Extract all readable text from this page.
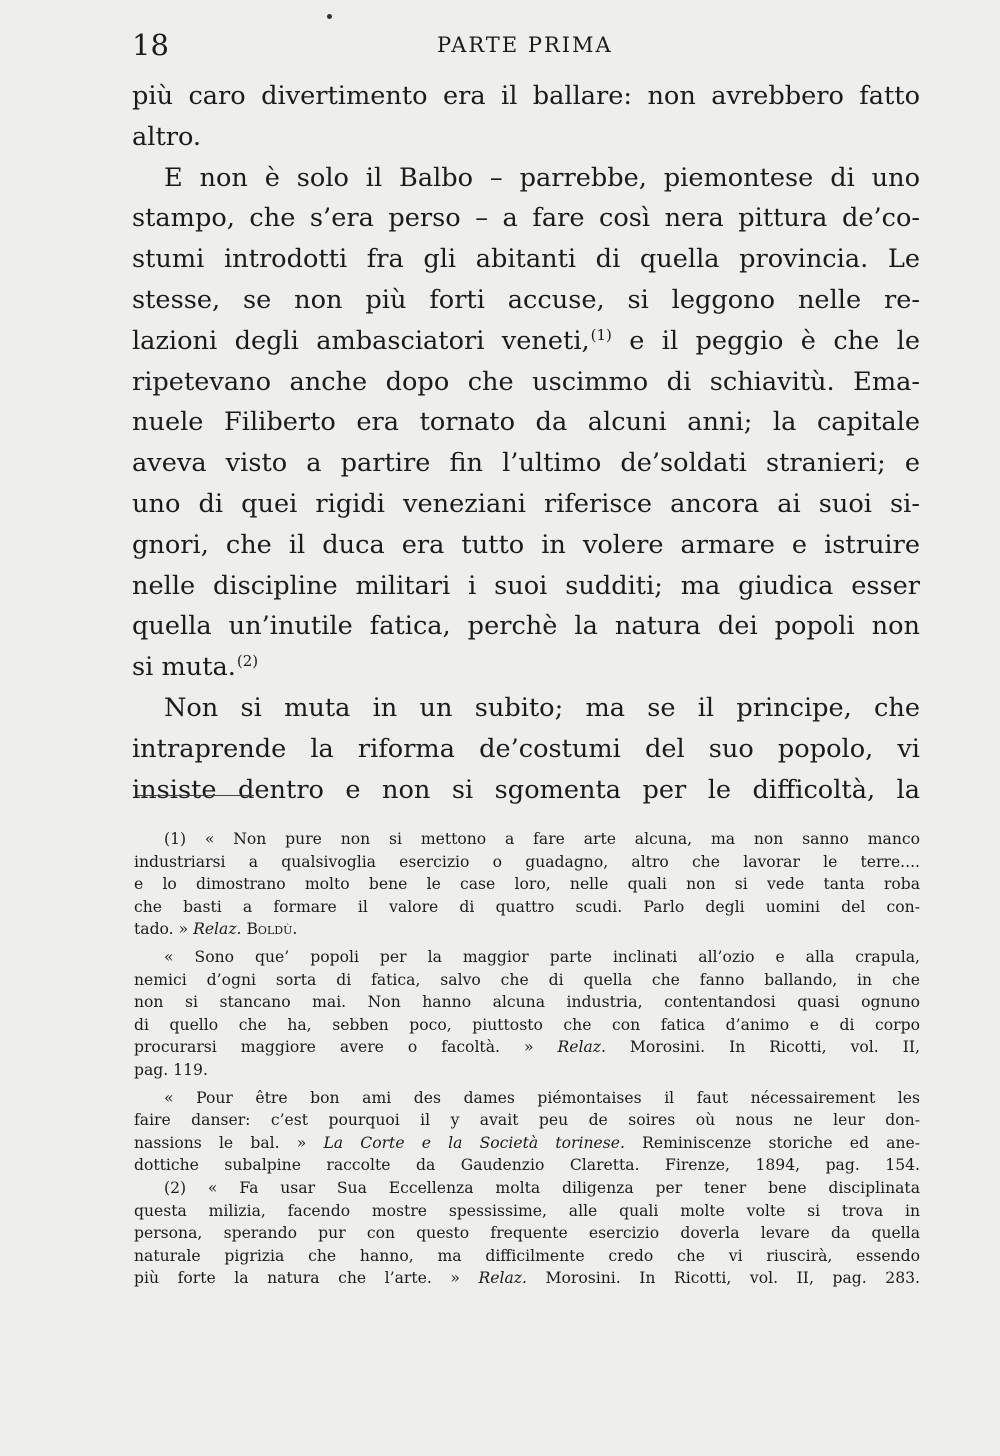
18	PARTE PRIMA
più caro divertimento era il ballare: non avrebbero fatto
altro.
E non è solo il Balbo – parrebbe, piemontese di uno
stampo, che s’era perso – a fare così nera pittura de’co-
stumi introdotti fra gli abitanti di quella provincia. Le
stesse, se non più forti accuse, si leggono nelle re-
lazioni degli ambasciatori veneti,$^{(1)}$ e il peggio è che le
ripetevano anche dopo che uscimmo di schiavitù. Ema-
nuele Filiberto era tornato da alcuni anni; la capitale
aveva visto a partire fin l’ultimo de’soldati stranieri; e
uno di quei rigidi veneziani riferisce ancora ai suoi si-
gnori, che il duca era tutto in volere armare e istruire
nelle discipline militari i suoi sudditi; ma giudica esser
quella un’inutile fatica, perchè la natura dei popoli non
si muta.$^{(2)}$
Non si muta in un subito; ma se il principe, che
intraprende la riforma de’costumi del suo popolo, vi
insiste dentro e non si sgomenta per le difficoltà, la
(1) « Non pure non si mettono a fare arte alcuna, ma non sanno manco
industriarsi a qualsivoglia esercizio o guadagno, altro che lavorar le terre....
e lo dimostrano molto bene le case loro, nelle quali non si vede tanta roba
che basti a formare il valore di quattro scudi. Parlo degli uomini del con-
tado. » Relaz. Boldù.
« Sono que’ popoli per la maggior parte inclinati all’ozio e alla crapula,
nemici d’ogni sorta di fatica, salvo che di quella che fanno ballando, in che
non si stancano mai. Non hanno alcuna industria, contentandosi quasi ognuno
di quello che ha, sebben poco, piuttosto che con fatica d’animo e di corpo
procurarsi maggiore avere o facoltà. » Relaz. Morosini. In Ricotti, vol. II,
pag. 119.
« Pour être bon ami des dames piémontaises il faut nécessairement les
faire danser: c’est pourquoi il y avait peu de soires où nous ne leur don-
nassions le bal. » La Corte e la Società torinese. Reminiscenze storiche ed ane-
dottiche subalpine raccolte da Gaudenzio Claretta. Firenze, 1894, pag. 154.
(2) « Fa usar Sua Eccellenza molta diligenza per tener bene disciplinata
questa milizia, facendo mostre spessissime, alle quali molte volte si trova in
persona, sperando pur con questo frequente esercizio doverla levare da quella
naturale pigrizia che hanno, ma difficilmente credo che vi riuscirà, essendo
più forte la natura che l’arte. » Relaz. Morosini. In Ricotti, vol. II, pag. 283.
